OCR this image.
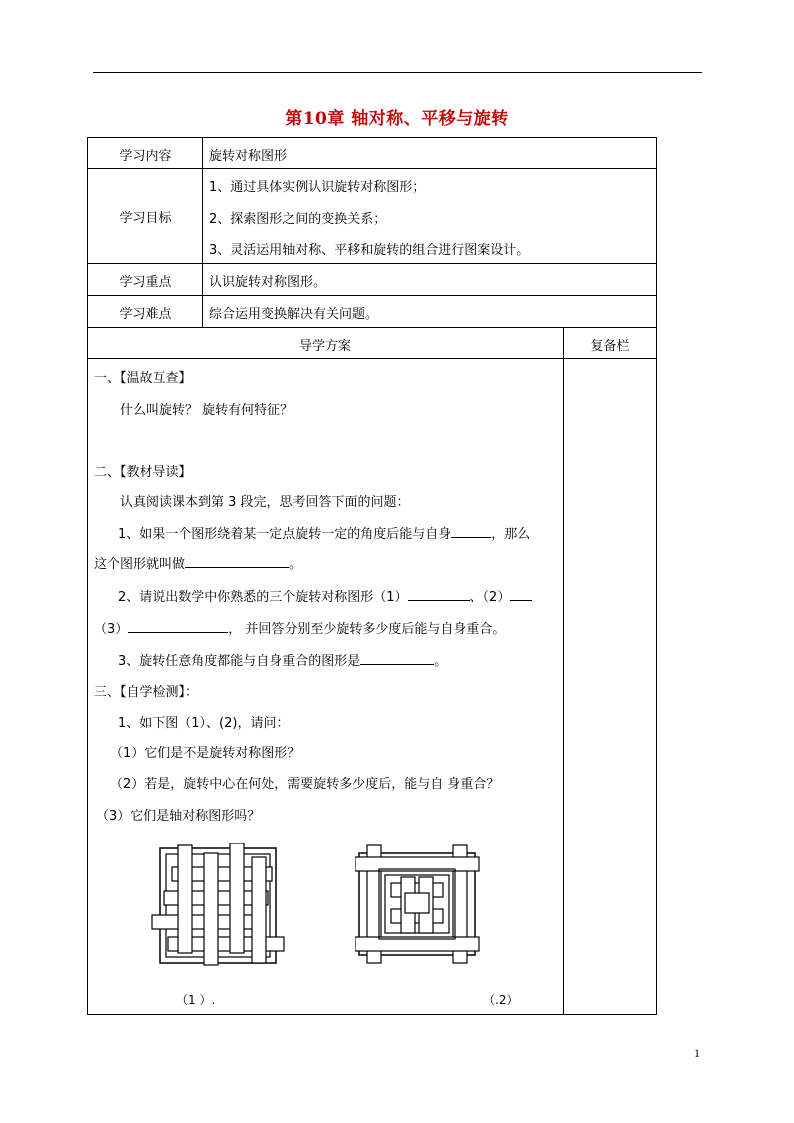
第10章 轴对称、平移与旋转
学习内容	旋转对称图形
学习目标
1、通过具体实例认识旋转对称图形；
2、探索图形之间的变换关系；
3、灵活运用轴对称、平移和旋转的组合进行图案设计。
学习重点	认识旋转对称图形。
学习难点	综合运用变换解决有关问题。
导学方案	复备栏
一、【温故互查】
什么叫旋转？ 旋转有何特征？
二、【教材导读】
认真阅读课本到第 3 段完，思考回答下面的问题：
1、如果一个图形绕着某一定点旋转一定的角度后能与自身	，那么
这个图形就叫做	。
2、请说出数学中你熟悉的三个旋转对称图形（1）	、（2）
（3）	， 并回答分别至少旋转多少度后能与自身重合。
3、旋转任意角度都能与自身重合的图形是	。
三、【自学检测】：
1、如下图（1）、(2)，请问：
（1）它们是不是旋转对称图形？
（2）若是，旋转中心在何处，需要旋转多少度后，能与自 身重合？
（3）它们是轴对称图形吗？
（1 ）.	（.2）
1
